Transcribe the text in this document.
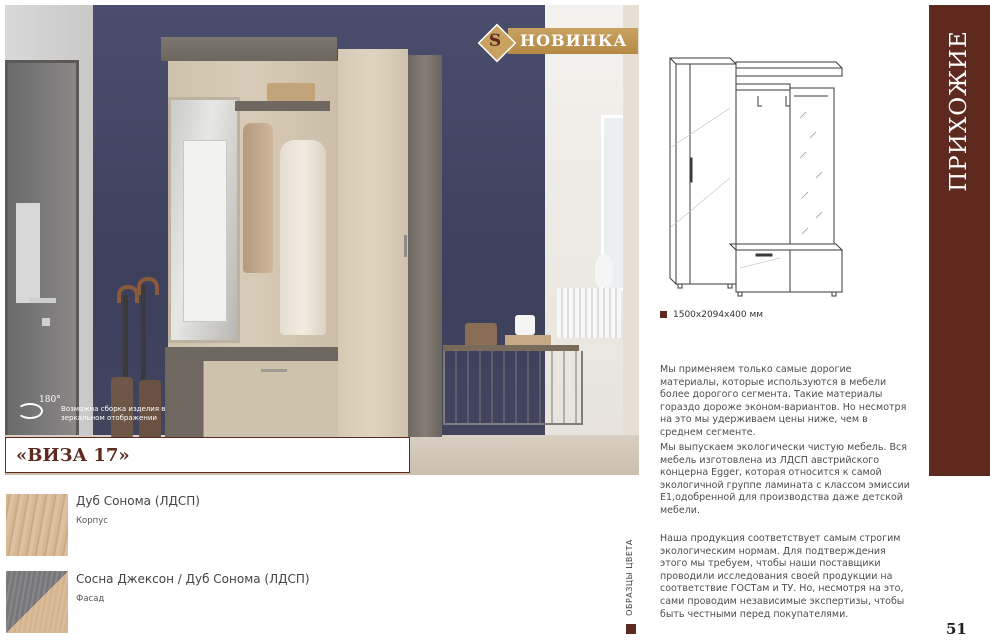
180°
Возможна сборка изделия в зеркальном отображении
НОВИНКА
S
«ВИЗА 17»
ПРИХОЖИЕ
1500х2094х400 мм

Мы применяем только самые дорогие материалы, которые используются в мебели более дорогого сегмента. Такие материалы гораздо дороже эконом-вариантов. Но несмотря на это мы удерживаем цены ниже, чем в среднем сегменте.

Мы выпускаем экологически чистую мебель. Вся мебель изготовлена из ЛДСП австрийского концерна Egger, которая относится к самой экологичной группе ламината с классом эмиссии Е1,одобренной для производства даже детской мебели.

Наша продукция соответствует самым строгим экологическим нормам. Для подтверждения этого мы требуем, чтобы наши поставщики проводили исследования своей продукции на соответствие ГОСТам и ТУ. Но, несмотря на это, сами проводим независимые экспертизы, чтобы быть честными перед покупателями.

Дуб Сонома (ЛДСП)
Корпус
Сосна Джексон / Дуб Сонома (ЛДСП)
Фасад	ОБРАЗЦЫ ЦВЕТА
51
